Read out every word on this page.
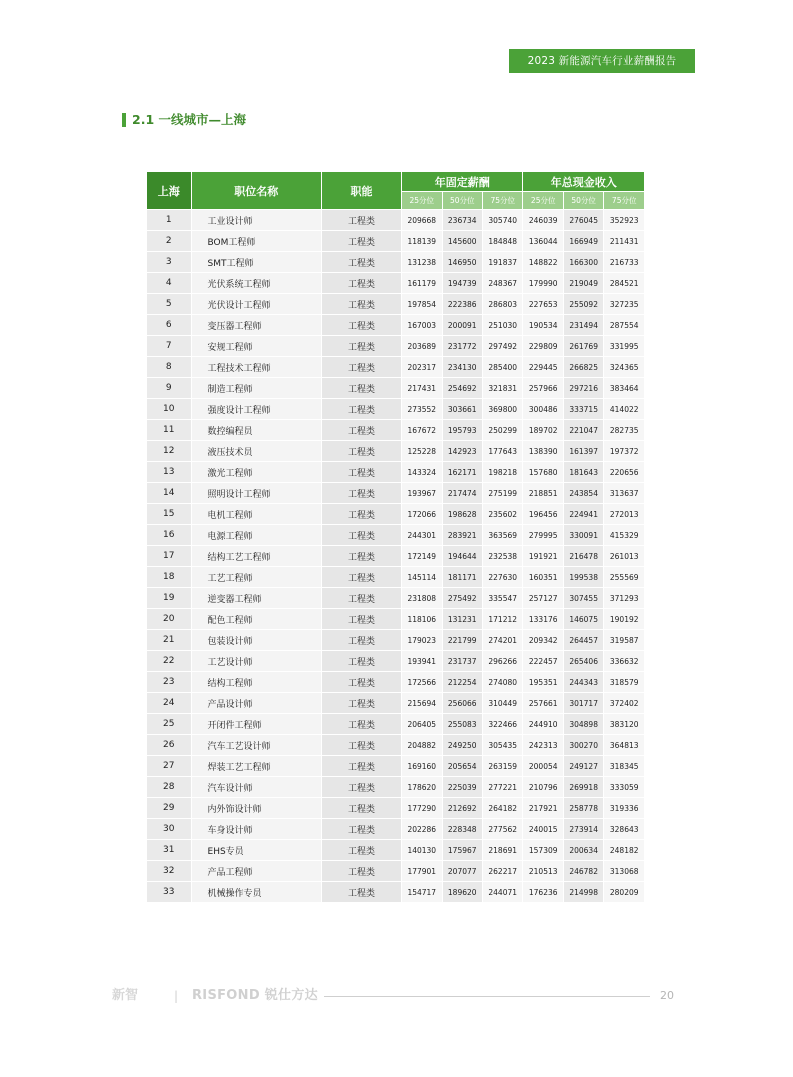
2023 新能源汽车行业薪酬报告
2.1 一线城市—上海
上海	职位名称	职能	年固定薪酬			年总现金收入		
			25分位	50分位	75分位	25分位	50分位	75分位
1	工业设计师	工程类	209668	236734	305740	246039	276045	352923
2	BOM工程师	工程类	118139	145600	184848	136044	166949	211431
3	SMT工程师	工程类	131238	146950	191837	148822	166300	216733
4	光伏系统工程师	工程类	161179	194739	248367	179990	219049	284521
5	光伏设计工程师	工程类	197854	222386	286803	227653	255092	327235
6	变压器工程师	工程类	167003	200091	251030	190534	231494	287554
7	安规工程师	工程类	203689	231772	297492	229809	261769	331995
8	工程技术工程师	工程类	202317	234130	285400	229445	266825	324365
9	制造工程师	工程类	217431	254692	321831	257966	297216	383464
10	强度设计工程师	工程类	273552	303661	369800	300486	333715	414022
11	数控编程员	工程类	167672	195793	250299	189702	221047	282735
12	液压技术员	工程类	125228	142923	177643	138390	161397	197372
13	激光工程师	工程类	143324	162171	198218	157680	181643	220656
14	照明设计工程师	工程类	193967	217474	275199	218851	243854	313637
15	电机工程师	工程类	172066	198628	235602	196456	224941	272013
16	电源工程师	工程类	244301	283921	363569	279995	330091	415329
17	结构工艺工程师	工程类	172149	194644	232538	191921	216478	261013
18	工艺工程师	工程类	145114	181171	227630	160351	199538	255569
19	逆变器工程师	工程类	231808	275492	335547	257127	307455	371293
20	配色工程师	工程类	118106	131231	171212	133176	146075	190192
21	包装设计师	工程类	179023	221799	274201	209342	264457	319587
22	工艺设计师	工程类	193941	231737	296266	222457	265406	336632
23	结构工程师	工程类	172566	212254	274080	195351	244343	318579
24	产品设计师	工程类	215694	256066	310449	257661	301717	372402
25	开闭件工程师	工程类	206405	255083	322466	244910	304898	383120
26	汽车工艺设计师	工程类	204882	249250	305435	242313	300270	364813
27	焊装工艺工程师	工程类	169160	205654	263159	200054	249127	318345
28	汽车设计师	工程类	178620	225039	277221	210796	269918	333059
29	内外饰设计师	工程类	177290	212692	264182	217921	258778	319336
30	车身设计师	工程类	202286	228348	277562	240015	273914	328643
31	EHS专员	工程类	140130	175967	218691	157309	200634	248182
32	产品工程师	工程类	177901	207077	262217	210513	246782	313068
33	机械操作专员	工程类	154717	189620	244071	176236	214998	280209
新智	| RISFOND 锐仕方达	20
